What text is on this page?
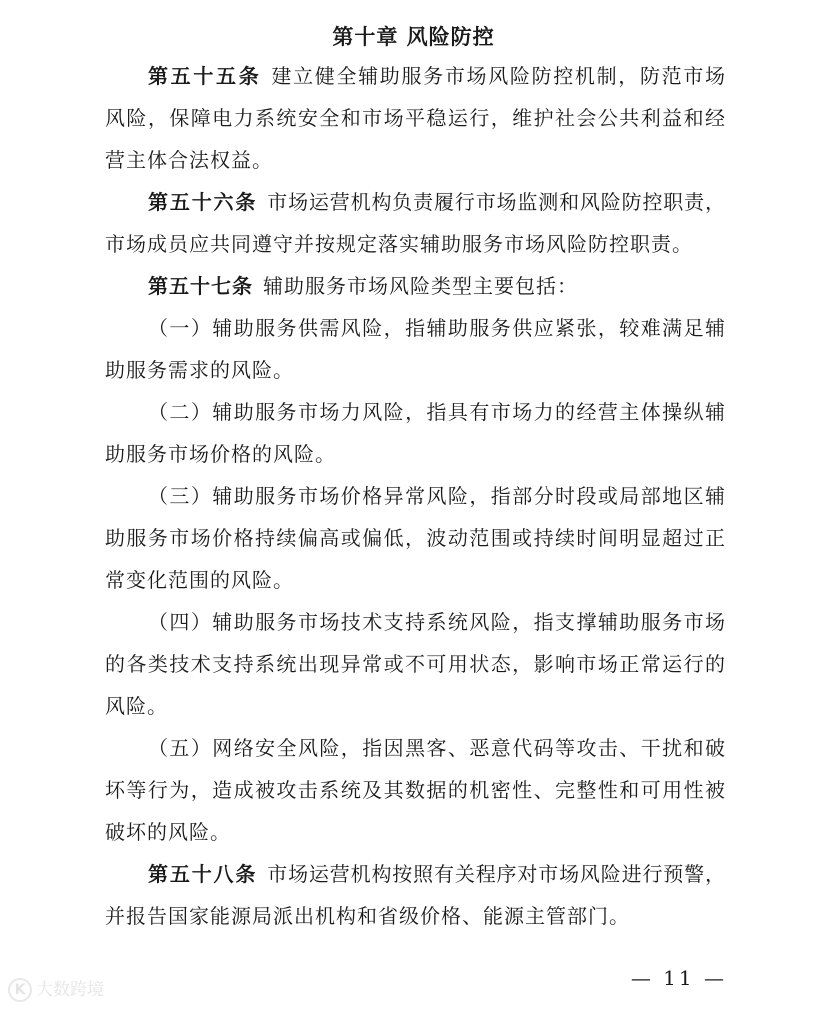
第十章 风险防控
第五十五条 建立健全辅助服务市场风险防控机制，防范市场
风险，保障电力系统安全和市场平稳运行，维护社会公共利益和经
营主体合法权益。
第五十六条 市场运营机构负责履行市场监测和风险防控职责，
市场成员应共同遵守并按规定落实辅助服务市场风险防控职责。
第五十七条 辅助服务市场风险类型主要包括：
（一）辅助服务供需风险，指辅助服务供应紧张，较难满足辅
助服务需求的风险。
（二）辅助服务市场力风险，指具有市场力的经营主体操纵辅
助服务市场价格的风险。
（三）辅助服务市场价格异常风险，指部分时段或局部地区辅
助服务市场价格持续偏高或偏低，波动范围或持续时间明显超过正
常变化范围的风险。
（四）辅助服务市场技术支持系统风险，指支撑辅助服务市场
的各类技术支持系统出现异常或不可用状态，影响市场正常运行的
风险。
（五）网络安全风险，指因黑客、恶意代码等攻击、干扰和破
坏等行为，造成被攻击系统及其数据的机密性、完整性和可用性被
破坏的风险。
第五十八条 市场运营机构按照有关程序对市场风险进行预警，
并报告国家能源局派出机构和省级价格、能源主管部门。
K 大数跨境	— 11 —
